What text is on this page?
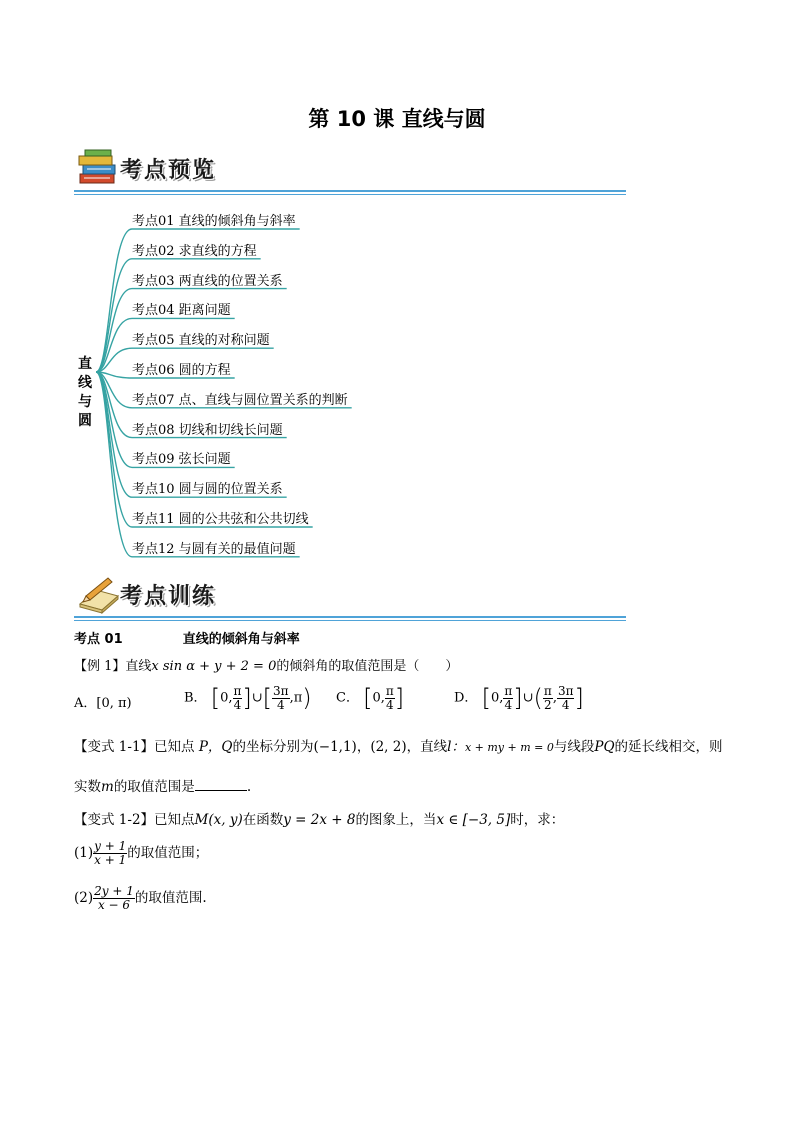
第 10 课 直线与圆
考点预览
直线与圆
考点01 直线的倾斜角与斜率
考点02 求直线的方程
考点03 两直线的位置关系
考点04 距离问题
考点05 直线的对称问题
考点06 圆的方程
考点07 点、直线与圆位置关系的判断
考点08 切线和切线长问题
考点09 弦长问题
考点10 圆与圆的位置关系
考点11 圆的公共弦和公共切线
考点12 与圆有关的最值问题
考点训练
考点 01	直线的倾斜角与斜率
【例 1】直线x sin α + y + 2 = 0的倾斜角的取值范围是（　　）
A．[0, π)	B． [0, $\frac{\pi}{4}$ ]∪[ $\frac{3\pi}{4} ,\pi$) C． [0, $\frac{\pi}{4}$ ]	D． [0, $\frac{\pi}{4}$ ]∪( $\frac{\pi}{2}$ , $\frac{3\pi}{4}$ ]
【变式 1-1】已知点 P，Q的坐标分别为(−1,1)，(2, 2)，直线l：x + my + m = 0与线段PQ的延长线相交，则
实数m的取值范围是	.
【变式 1-2】已知点M(x, y)在函数y = 2x + 8的图象上，当x ∈ [−3, 5]时，求：
$(1) \frac{y + 1}{x + 1}$ 的取值范围；
$(2) \frac{2y + 1}{x - 6}$ 的取值范围.
